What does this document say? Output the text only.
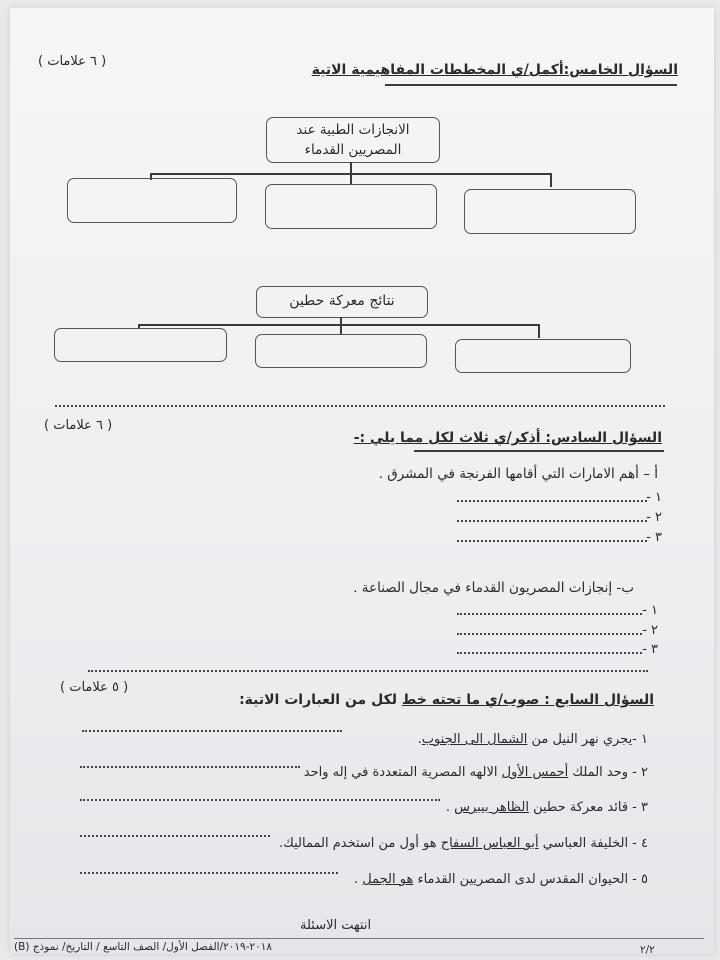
( ٦ علامات )
السؤال الخامس:أكمل/ي المخططات المفاهيمية الاتية
الانجازات الطبية عند المصريين القدماء
نتائج معركة حطين
( ٦ علامات )
السؤال السادس: أذكر/ي ثلاث لكل مما يلي :-
أ – أهم الامارات التي أقامها الفرنجة في المشرق .
١ -
٢ -
٣ -
ب- إنجازات المصريون القدماء في مجال الصناعة .
١ -
٢ -
٣ -
( ٥ علامات )
السؤال السابع : صوب/ي ما تحته خط لكل من العبارات الاتية:
١ -يجري نهر النيل من الشمال الى الجنوب.
٢ - وحد الملك أحمس الأول الالهه المصرية المتعددة في إله واحد
٣ - قائد معركة حطين الظاهر بيبرس .
٤ - الخليفة العباسي أبو العباس السفاح هو أول من استخدم المماليك.
٥ - الحيوان المقدس لدى المصريين القدماء هو الجمل .
انتهت الاسئلة
٢٠١٨-٢٠١٩/الفصل الأول/ الصف التاسع / التاريخ/ نموذج (B)	٢/٢
